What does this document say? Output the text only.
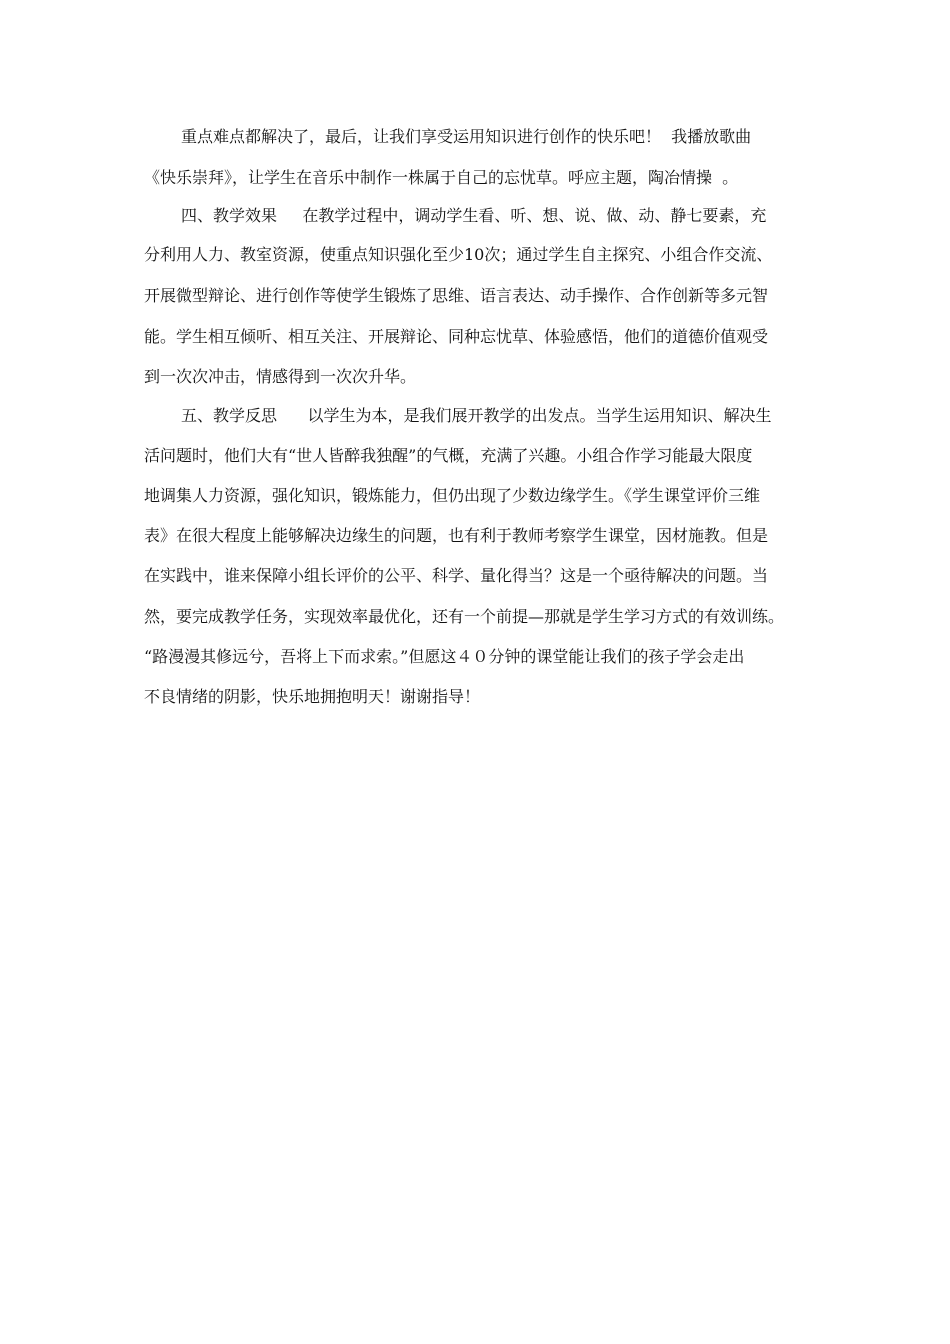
重点难点都解决了，最后，让我们享受运用知识进行创作的快乐吧！  我播放歌曲
《快乐崇拜》，让学生在音乐中制作一株属于自己的忘忧草。呼应主题，陶冶情操  。
四、教学效果     在教学过程中，调动学生看、听、想、说、做、动、静七要素，充
分利用人力、教室资源，使重点知识强化至少10次；通过学生自主探究、小组合作交流、
开展微型辩论、进行创作等使学生锻炼了思维、语言表达、动手操作、合作创新等多元智
能。学生相互倾听、相互关注、开展辩论、同种忘忧草、体验感悟，他们的道德价值观受
到一次次冲击，情感得到一次次升华。
五、教学反思      以学生为本，是我们展开教学的出发点。当学生运用知识、解决生
活问题时，他们大有“世人皆醉我独醒”的气概，充满了兴趣。小组合作学习能最大限度
地调集人力资源，强化知识，锻炼能力，但仍出现了少数边缘学生。《学生课堂评价三维
表》在很大程度上能够解决边缘生的问题，也有利于教师考察学生课堂，因材施教。但是
在实践中，谁来保障小组长评价的公平、科学、量化得当？这是一个亟待解决的问题。当
然，要完成教学任务，实现效率最优化，还有一个前提—那就是学生学习方式的有效训练。
“路漫漫其修远兮，吾将上下而求索。”但愿这４０分钟的课堂能让我们的孩子学会走出
不良情绪的阴影，快乐地拥抱明天！谢谢指导！
